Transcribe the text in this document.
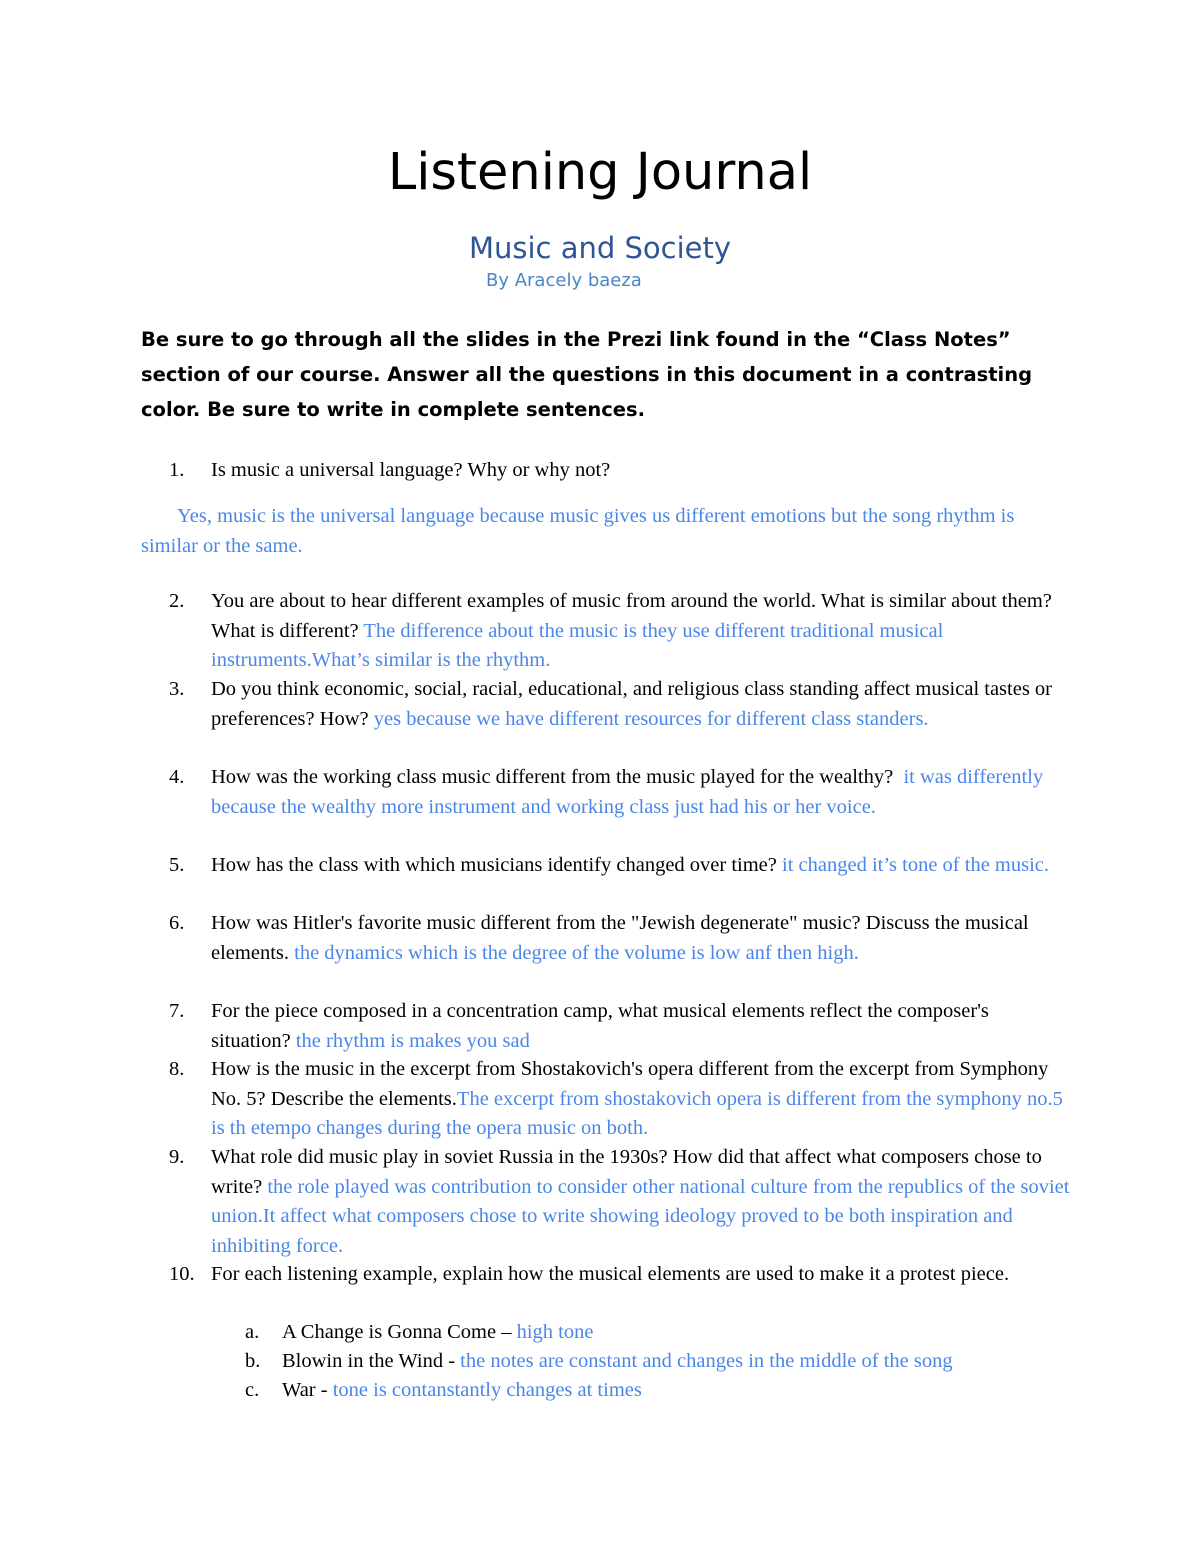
Listening Journal
Music and Society
By Aracely baeza

Be sure to go through all the slides in the Prezi link found in the “Class Notes” section of our course. Answer all the questions in this document in a contrasting color. Be sure to write in complete sentences.

1.	Is music a universal language? Why or why not?
Yes, music is the universal language because music gives us different emotions but the song rhythm is similar or the same.
2.	You are about to hear different examples of music from around the world. What is similar about them? What is different? The difference about the music is they use different traditional musical instruments.What’s similar is the rhythm.
3.	Do you think economic, social, racial, educational, and religious class standing affect musical tastes or preferences? How? yes because we have different resources for different class standers.
4.	How was the working class music different from the music played for the wealthy? it was differently because the wealthy more instrument and working class just had his or her voice.
5.	How has the class with which musicians identify changed over time? it changed it’s tone of the music.
6.	How was Hitler's favorite music different from the "Jewish degenerate" music? Discuss the musical elements. the dynamics which is the degree of the volume is low anf then high.
7.	For the piece composed in a concentration camp, what musical elements reflect the composer's situation? the rhythm is makes you sad
8.	How is the music in the excerpt from Shostakovich's opera different from the excerpt from Symphony No. 5? Describe the elements.The excerpt from shostakovich opera is different from the symphony no.5 is th etempo changes during the opera music on both.
9.	What role did music play in soviet Russia in the 1930s? How did that affect what composers chose to write? the role played was contribution to consider other national culture from the republics of the soviet union.It affect what composers chose to write showing ideology proved to be both inspiration and inhibiting force.
10. For each listening example, explain how the musical elements are used to make it a protest piece.
a. A Change is Gonna Come – high tone
b. Blowin in the Wind - the notes are constant and changes in the middle of the song
c. War - tone is contanstantly changes at times
